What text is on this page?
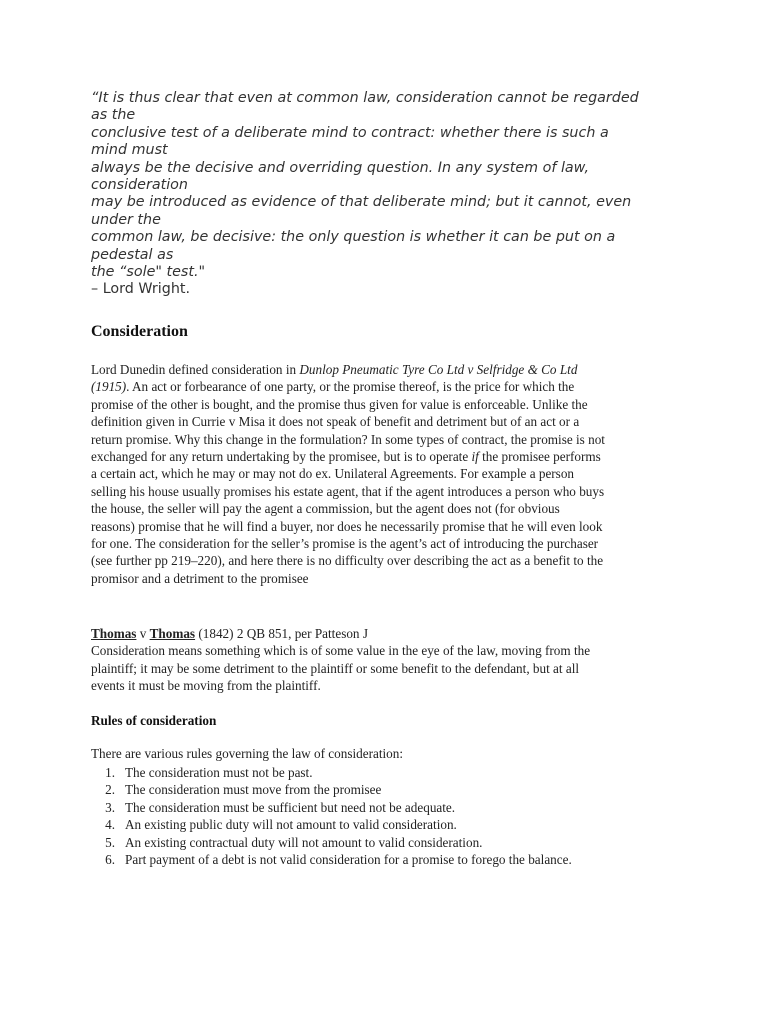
“It is thus clear that even at common law, consideration cannot be regarded
as the
conclusive test of a deliberate mind to contract: whether there is such a
mind must
always be the decisive and overriding question. In any system of law,
consideration
may be introduced as evidence of that deliberate mind; but it cannot, even
under the
common law, be decisive: the only question is whether it can be put on a
pedestal as
the “sole" test."
– Lord Wright.
Consideration
Lord Dunedin defined consideration in Dunlop Pneumatic Tyre Co Ltd v Selfridge & Co Ltd
(1915). An act or forbearance of one party, or the promise thereof, is the price for which the
promise of the other is bought, and the promise thus given for value is enforceable. Unlike the
definition given in Currie v Misa it does not speak of benefit and detriment but of an act or a
return promise. Why this change in the formulation? In some types of contract, the promise is not
exchanged for any return undertaking by the promisee, but is to operate if the promisee performs
a certain act, which he may or may not do ex. Unilateral Agreements. For example a person
selling his house usually promises his estate agent, that if the agent introduces a person who buys
the house, the seller will pay the agent a commission, but the agent does not (for obvious
reasons) promise that he will find a buyer, nor does he necessarily promise that he will even look
for one. The consideration for the seller’s promise is the agent’s act of introducing the purchaser
(see further pp 219–220), and here there is no difficulty over describing the act as a benefit to the
promisor and a detriment to the promisee
Thomas v Thomas (1842) 2 QB 851, per Patteson J
Consideration means something which is of some value in the eye of the law, moving from the
plaintiff; it may be some detriment to the plaintiff or some benefit to the defendant, but at all
events it must be moving from the plaintiff.
Rules of consideration
There are various rules governing the law of consideration:
1. The consideration must not be past.
2. The consideration must move from the promisee
3. The consideration must be sufficient but need not be adequate.
4. An existing public duty will not amount to valid consideration.
5. An existing contractual duty will not amount to valid consideration.
6. Part payment of a debt is not valid consideration for a promise to forego the balance.
